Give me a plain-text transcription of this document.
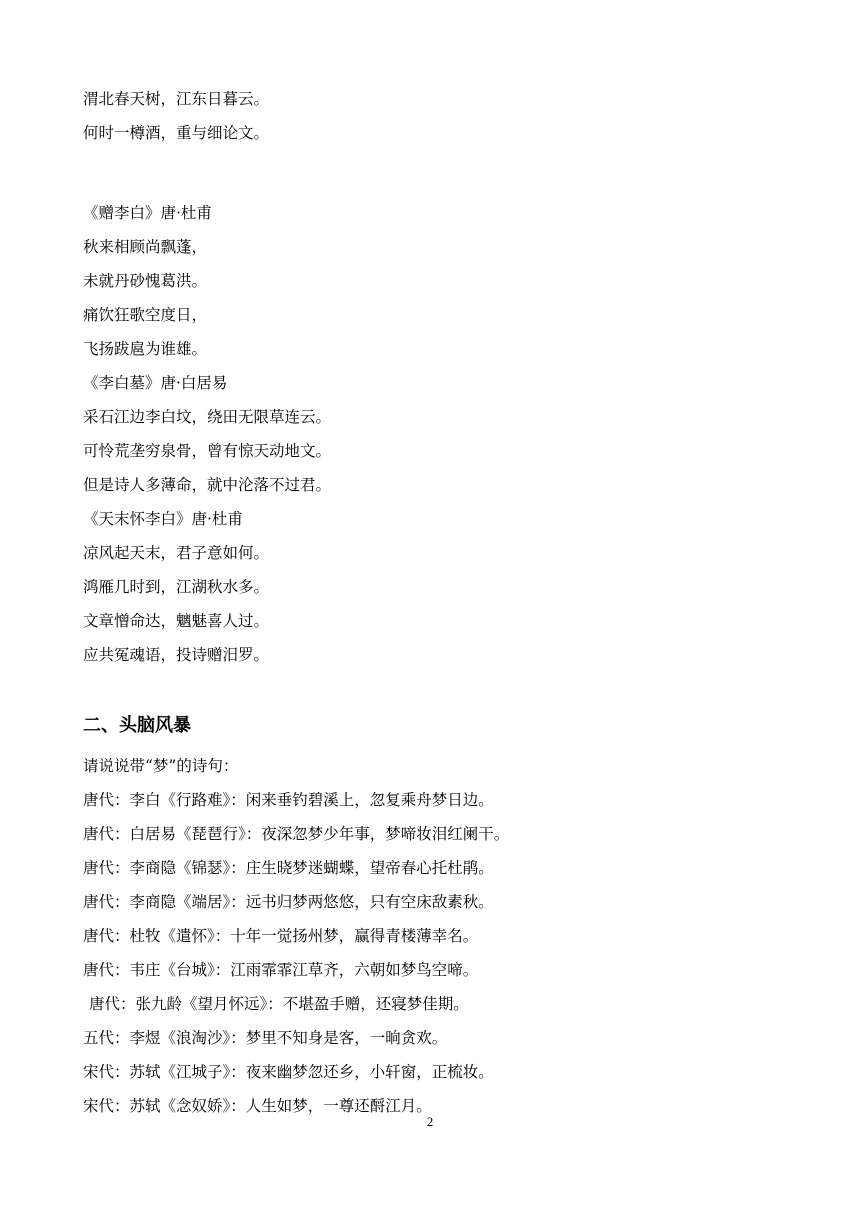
渭北春天树，江东日暮云。
何时一樽酒，重与细论文。
《赠李白》唐·杜甫
秋来相顾尚飘蓬，
未就丹砂愧葛洪。
痛饮狂歌空度日，
飞扬跋扈为谁雄。
《李白墓》唐·白居易
采石江边李白坟，绕田无限草连云。
可怜荒垄穷泉骨，曾有惊天动地文。
但是诗人多薄命，就中沦落不过君。
《天末怀李白》唐·杜甫
凉风起天末，君子意如何。
鸿雁几时到，江湖秋水多。
文章憎命达，魑魅喜人过。
应共冤魂语，投诗赠汨罗。
二、头脑风暴
请说说带“梦”的诗句：
唐代：李白《行路难》：闲来垂钓碧溪上，忽复乘舟梦日边。
唐代：白居易《琵琶行》：夜深忽梦少年事，梦啼妆泪红阑干。
唐代：李商隐《锦瑟》：庄生晓梦迷蝴蝶，望帝春心托杜鹃。
唐代：李商隐《端居》：远书归梦两悠悠，只有空床敌素秋。
唐代：杜牧《遣怀》：十年一觉扬州梦，赢得青楼薄幸名。
唐代：韦庄《台城》：江雨霏霏江草齐，六朝如梦鸟空啼。
唐代：张九龄《望月怀远》：不堪盈手赠，还寝梦佳期。
五代：李煜《浪淘沙》：梦里不知身是客，一晌贪欢。
宋代：苏轼《江城子》：夜来幽梦忽还乡，小轩窗，正梳妆。
宋代：苏轼《念奴娇》：人生如梦，一尊还酹江月。
2
